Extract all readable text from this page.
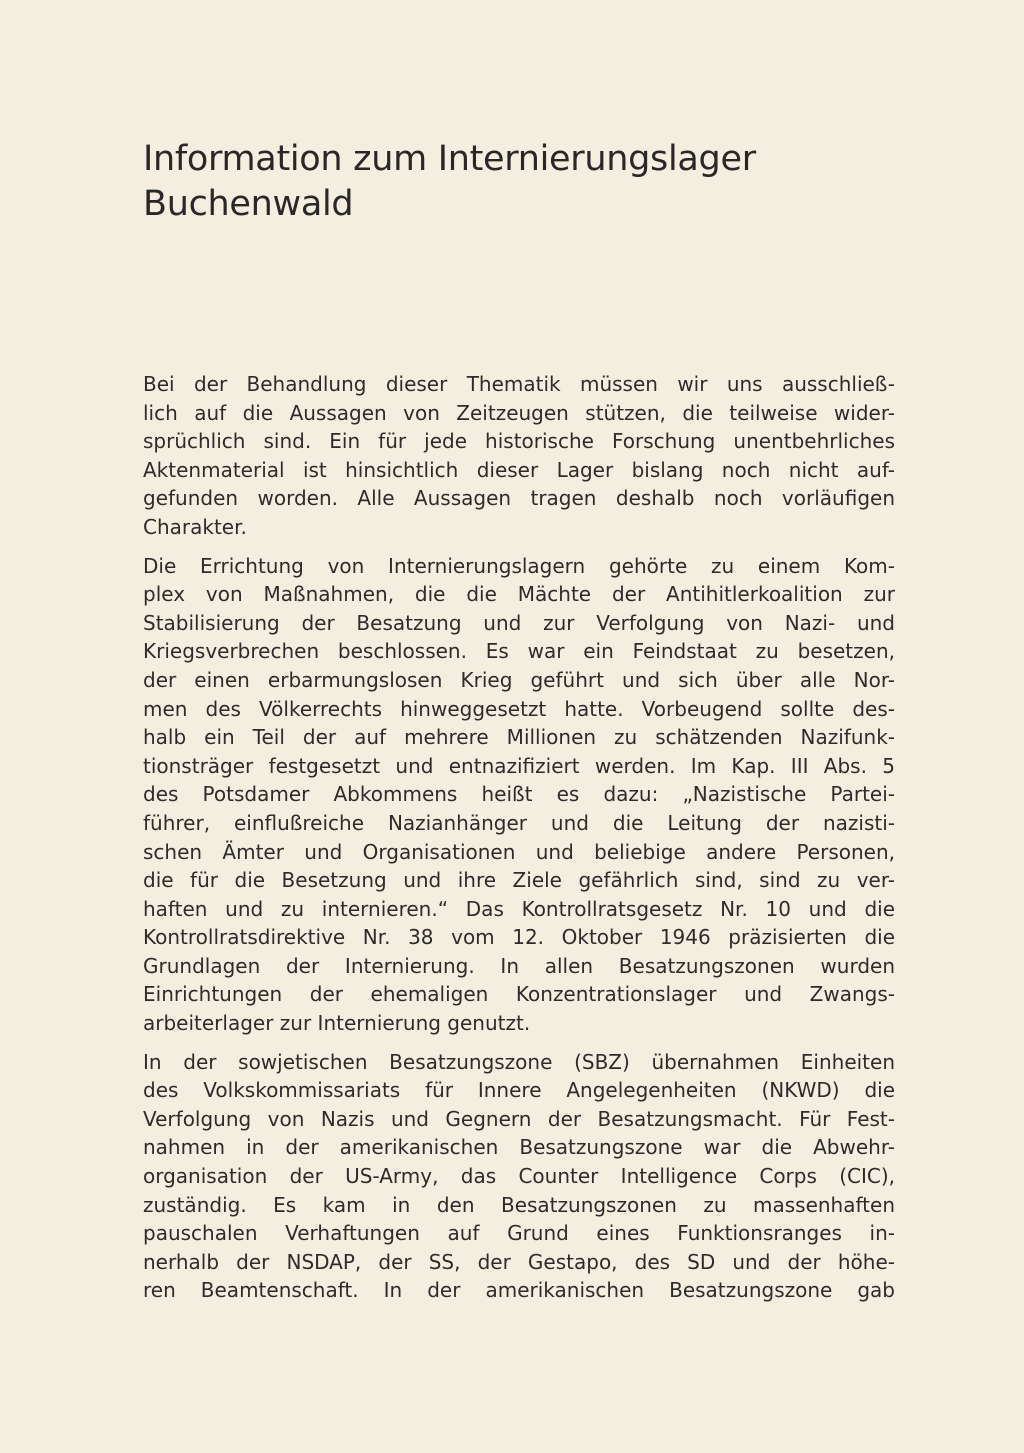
Information zum Internierungslager
Buchenwald
Bei der Behandlung dieser Thematik müssen wir uns ausschließ-
lich auf die Aussagen von Zeitzeugen stützen, die teilweise wider-
sprüchlich sind. Ein für jede historische Forschung unentbehrliches
Aktenmaterial ist hinsichtlich dieser Lager bislang noch nicht auf-
gefunden worden. Alle Aussagen tragen deshalb noch vorläufigen
Charakter.
Die Errichtung von Internierungslagern gehörte zu einem Kom-
plex von Maßnahmen, die die Mächte der Antihitlerkoalition zur
Stabilisierung der Besatzung und zur Verfolgung von Nazi- und
Kriegsverbrechen beschlossen. Es war ein Feindstaat zu besetzen,
der einen erbarmungslosen Krieg geführt und sich über alle Nor-
men des Völkerrechts hinweggesetzt hatte. Vorbeugend sollte des-
halb ein Teil der auf mehrere Millionen zu schätzenden Nazifunk-
tionsträger festgesetzt und entnazifiziert werden. Im Kap. III Abs. 5
des Potsdamer Abkommens heißt es dazu: „Nazistische Partei-
führer, einflußreiche Nazianhänger und die Leitung der nazisti-
schen Ämter und Organisationen und beliebige andere Personen,
die für die Besetzung und ihre Ziele gefährlich sind, sind zu ver-
haften und zu internieren.“ Das Kontrollratsgesetz Nr. 10 und die
Kontrollratsdirektive Nr. 38 vom 12. Oktober 1946 präzisierten die
Grundlagen der Internierung. In allen Besatzungszonen wurden
Einrichtungen der ehemaligen Konzentrationslager und Zwangs-
arbeiterlager zur Internierung genutzt.
In der sowjetischen Besatzungszone (SBZ) übernahmen Einheiten
des Volkskommissariats für Innere Angelegenheiten (NKWD) die
Verfolgung von Nazis und Gegnern der Besatzungsmacht. Für Fest-
nahmen in der amerikanischen Besatzungszone war die Abwehr-
organisation der US-Army, das Counter Intelligence Corps (CIC),
zuständig. Es kam in den Besatzungszonen zu massenhaften
pauschalen Verhaftungen auf Grund eines Funktionsranges in-
nerhalb der NSDAP, der SS, der Gestapo, des SD und der höhe-
ren Beamtenschaft. In der amerikanischen Besatzungszone gab
